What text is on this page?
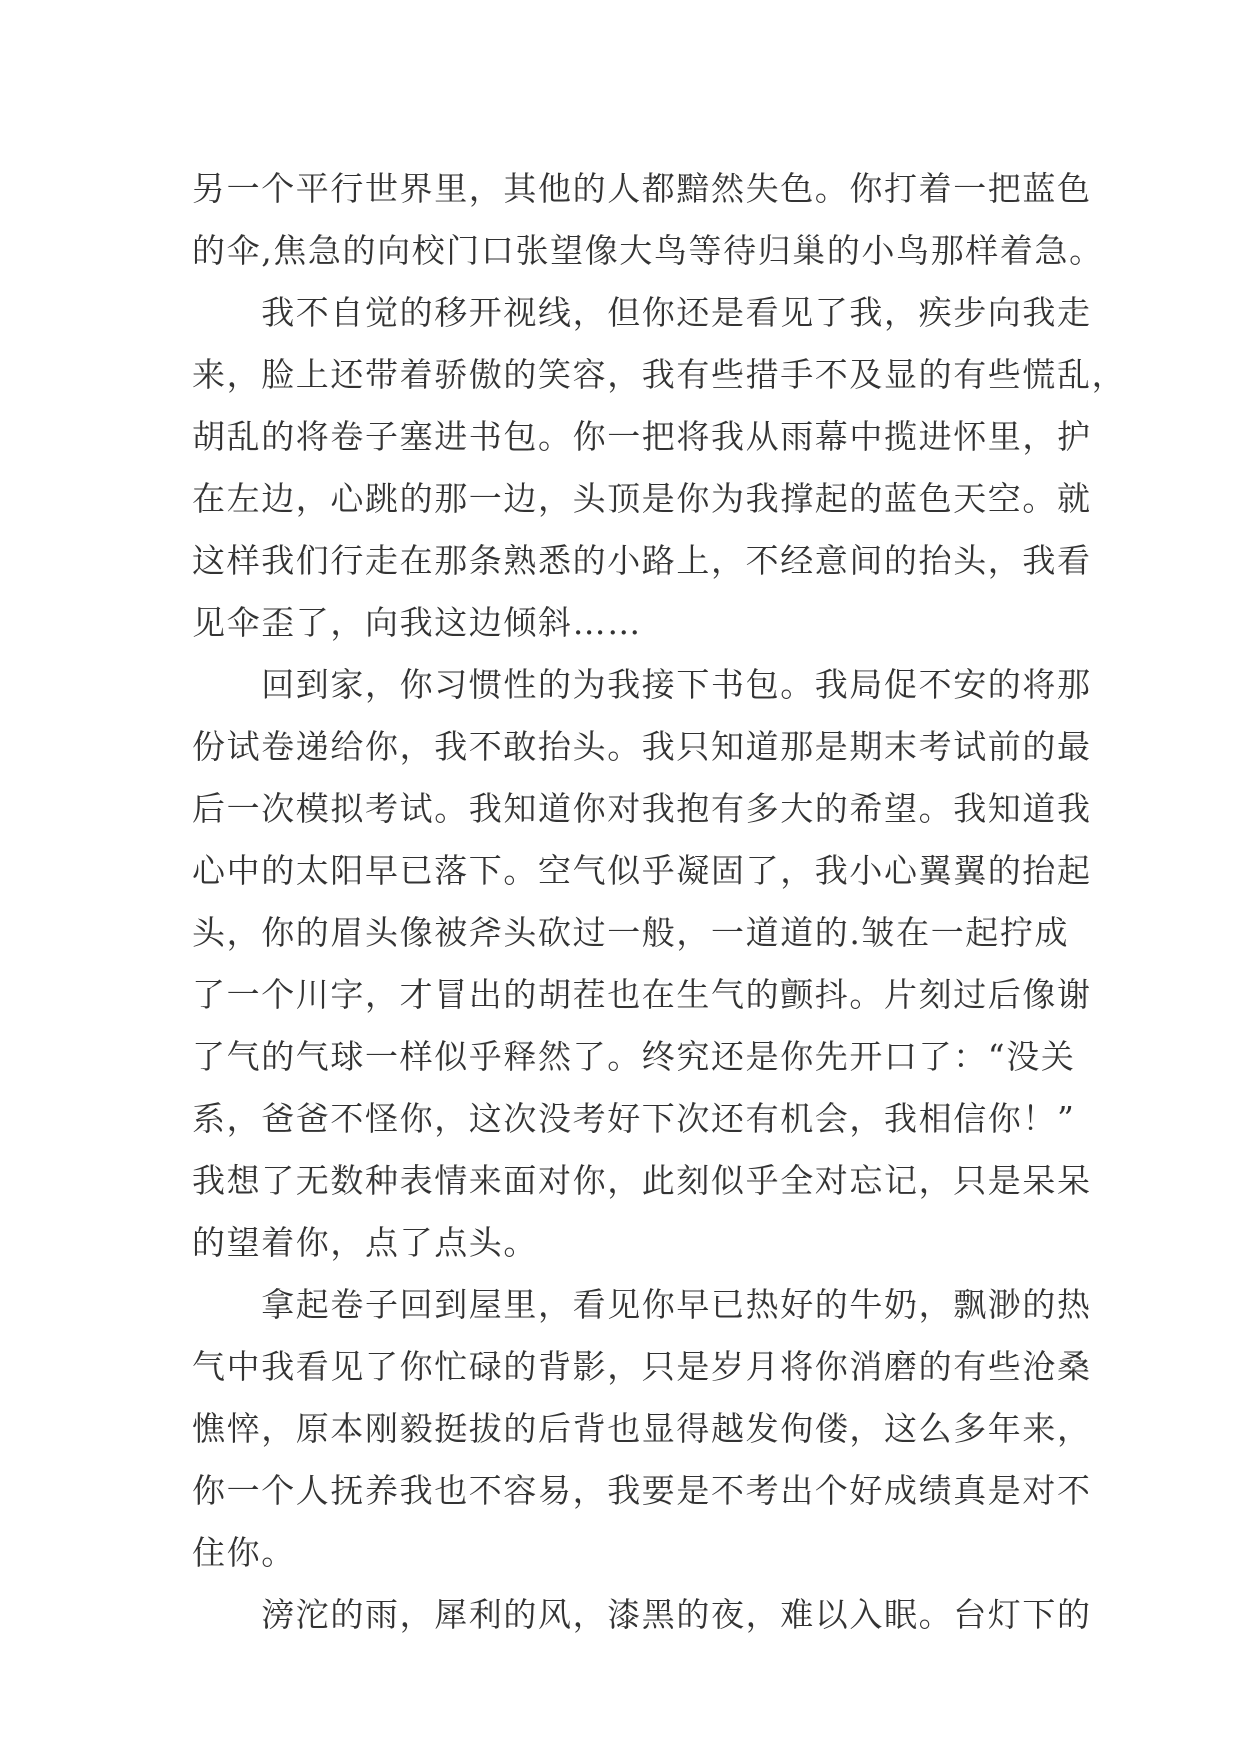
另一个平行世界里，其他的人都黯然失色。你打着一把蓝色
的伞,焦急的向校门口张望像大鸟等待归巢的小鸟那样着急。
　　我不自觉的移开视线，但你还是看见了我，疾步向我走
来，脸上还带着骄傲的笑容，我有些措手不及显的有些慌乱，
胡乱的将卷子塞进书包。你一把将我从雨幕中揽进怀里，护
在左边，心跳的那一边，头顶是你为我撑起的蓝色天空。就
这样我们行走在那条熟悉的小路上，不经意间的抬头，我看
见伞歪了，向我这边倾斜……
　　回到家，你习惯性的为我接下书包。我局促不安的将那
份试卷递给你，我不敢抬头。我只知道那是期末考试前的最
后一次模拟考试。我知道你对我抱有多大的希望。我知道我
心中的太阳早已落下。空气似乎凝固了，我小心翼翼的抬起
头，你的眉头像被斧头砍过一般，一道道的.皱在一起拧成
了一个川字，才冒出的胡茬也在生气的颤抖。片刻过后像谢
了气的气球一样似乎释然了。终究还是你先开口了：“没关
系，爸爸不怪你，这次没考好下次还有机会，我相信你！”
我想了无数种表情来面对你，此刻似乎全对忘记，只是呆呆
的望着你，点了点头。
　　拿起卷子回到屋里，看见你早已热好的牛奶，飘渺的热
气中我看见了你忙碌的背影，只是岁月将你消磨的有些沧桑
憔悴，原本刚毅挺拔的后背也显得越发佝偻，这么多年来，
你一个人抚养我也不容易，我要是不考出个好成绩真是对不
住你。
　　滂沱的雨，犀利的风，漆黑的夜，难以入眠。台灯下的
